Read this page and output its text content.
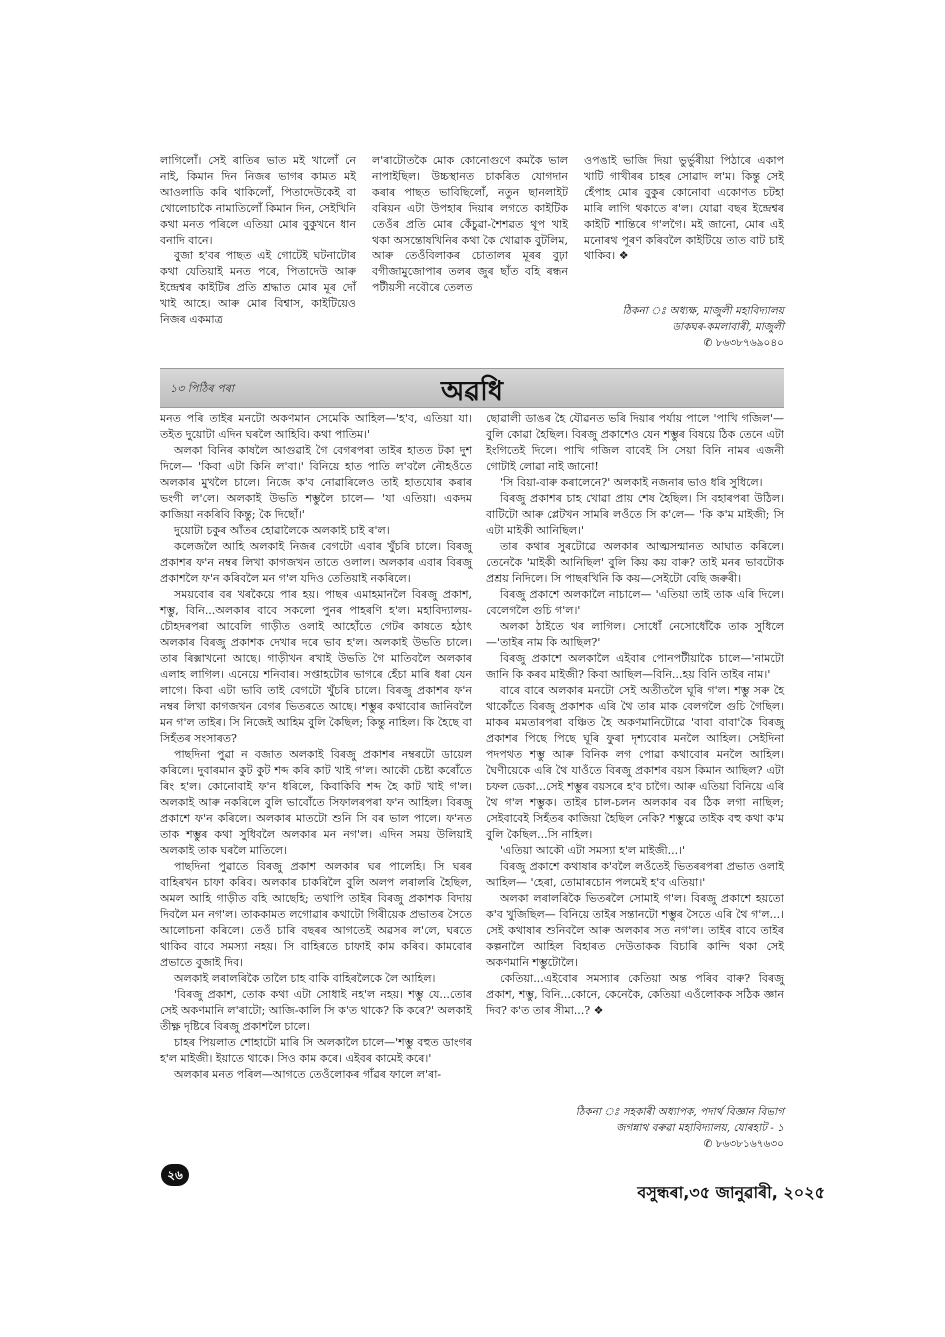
লাগিলোঁ। সেই ৰাতিৰ ভাত মই খালোঁ নে নাই, কিমান দিন নিজৰ ভাগৰ কামত মই আওলাডি কৰি থাকিলোঁ, পিতাদেউকেই বা খোলোচাকৈ নামাতিলোঁ কিমান দিন, সেইখিনি কথা মনত পৰিলে এতিয়া মোৰ বুকুখনে ধান বনাদি বানে।

বুজা হ'বৰ পাছত এই গোটেই ঘটনাটোৰ কথা যেতিয়াই মনত পৰে, পিতাদেউ আৰু ইন্দ্ৰেশ্বৰ কাইটিৰ প্ৰতি শ্ৰদ্ধাত মোৰ মূৰ দোঁ খাই আহে। আৰু মোৰ বিশ্বাস, কাইটিয়েও নিজৰ একমাত্ৰ

ল'ৰাটোতকৈ মোক কোনোগুণে কমকৈ ভাল নাপাইছিল। উচ্চস্থানত চাকৰিত যোগদান কৰাৰ পাছত ভাবিছিলোঁ, নতুন ছানলাইট বৰিয়ন এটা উপহাৰ দিয়াৰ লগতে কাইটিক তেওঁৰ প্ৰতি মোৰ কেঁচুৱা-শৈশৱত থূপ খাই থকা অসন্তোষখিনিৰ কথা কৈ খোৱাক বুটলিম, আৰু তেওঁবিলাকৰ চোতালৰ মূৰৰ বুঢ়া বগীজামুজোপাৰ তলৰ জুৰ ছাঁত বহি ৰন্ধন পটীয়সী নবৌৰে তেলত

ওপঙাই ভাজি দিয়া ভুৰ্ভুৰীয়া পিঠাৰে একাপ খাটি গাখীৰৰ চাহৰ সোৱাদ ল'ম। কিন্তু সেই হেঁপাহ মোৰ বুকুৰ কোনোবা একোণত চটহা মাৰি লাগি থকাতে ৰ'ল। যোৱা বছৰ ইন্দ্ৰেশ্বৰ কাইটি শান্তিৰে গ'লগৈ। মই জানো, মোৰ এই মনোৰথ পূৰণ কৰিবলৈ কাইটিয়ে তাত বাট চাই থাকিব। ❖

ঠিকনা ঃ অধ্যক্ষ, মাজুলী মহাবিদ্যালয়
ডাকঘৰ-কমলাবাৰী, মাজুলী
✆ ৮৬৩৮৭৬৯০৪০
১৩ পিঠিৰ পৰা	অৱধি

মনত পৰি তাইৰ মনটো অকণমান সেমেকি আহিল—'হ'ব, এতিয়া যা। তইত দুয়োটা এদিন ঘৰলৈ আহিবি। কথা পাতিম।'

অলকা বিনিৰ কাষলৈ আগুৱাই গৈ বেগৰপৰা তাইৰ হাতত টকা দুশ দিলে— 'কিবা এটা কিনি ল'বা।' বিনিয়ে হাত পাতি ল'বলৈ নৌহওঁতে অলকাৰ মুখলৈ চালে। নিজে ক'ব নোৱাৰিলেও তাই হাতযোৰ কৰাৰ ভংগী ল'লে। অলকাই উভতি শম্ভুলৈ চালে— 'যা এতিয়া। একদম কাজিয়া নকৰিবি কিন্তু; কৈ দিছোঁ।'

দুয়োটা চকুৰ আঁতৰ হোৱালৈকে অলকাই চাই ৰ'ল।

কলেজলৈ আহি অলকাই নিজৰ বেগটো এবাৰ খুঁচৰি চালে। বিৰজু প্ৰকাশৰ ফ'ন নম্বৰ লিখা কাগজখন তাতে ওলাল। অলকাৰ এবাৰ বিৰজু প্ৰকাশলৈ ফ'ন কৰিবলৈ মন গ'ল যদিও তেতিয়াই নকৰিলে।

সময়বোৰ বৰ খৰকৈয়ে পাৰ হয়। পাছৰ এমাহমানলৈ বিৰজু প্ৰকাশ, শম্ভু, বিনি...অলকাৰ বাবে সকলো পুনৰ পাহৰণি হ'ল। মহাবিদ্যালয়-চৌহদৰপৰা আবেলি গাড়ীত ওলাই আহোঁতে গেটৰ কাষতে হঠাৎ অলকাৰ বিৰজু প্ৰকাশক দেখাৰ দৰে ভাব হ'ল। অলকাই উভতি চালে। তাৰ ৰিক্সাখনো আছে। গাড়ীখন ৰখাই উভতি গৈ মাতিবলৈ অলকাৰ এলাহ লাগিল। এনেয়ে শনিবাৰ। সপ্তাহটোৰ ভাগৰে হেঁচা মাৰি ধৰা যেন লাগে। কিবা এটা ভাবি তাই বেগটো খুঁচৰি চালে। বিৰজু প্ৰকাশৰ ফ'ন নম্বৰ লিখা কাগজখন বেগৰ ভিতৰতে আছে। শম্ভুৰ কথাবোৰ জানিবলৈ মন গ'ল তাইৰ। সি নিজেই আহিম বুলি কৈছিল; কিন্তু নাহিল। কি হৈছে বা সিহঁতৰ সংসাৰত?

পাছদিনা পুৱা ন বজাত অলকাই বিৰজু প্ৰকাশৰ নম্বৰটো ডায়েল কৰিলে। দুবাৰমান কুট কুট শব্দ কৰি কাট খাই গ'ল। আকৌ চেষ্টা কৰোঁতে ৰিং হ'ল। কোনোবাই ফ'ন ধৰিলে, কিবাকিবি শব্দ হৈ কাট খাই গ'ল। অলকাই আৰু নকৰিলে বুলি ভাবোঁতে সিফালৰপৰা ফ'ন আহিল। বিৰজু প্ৰকাশে ফ'ন কৰিলে। অলকাৰ মাতটো শুনি সি বৰ ভাল পালে। ফ'নত তাক শম্ভুৰ কথা সুধিবলৈ অলকাৰ মন নগ'ল। এদিন সময় উলিয়াই অলকাই তাক ঘৰলৈ মাতিলে।

পাছদিনা পুৱাতে বিৰজু প্ৰকাশ অলকাৰ ঘৰ পালেহি। সি ঘৰৰ বাহিৰখন চাফা কৰিব। অলকাৰ চাকৰিলৈ বুলি অলপ লৰালৰি হৈছিল, অমল আহি গাড়ীত বহি আছেহি; তথাপি তাইৰ বিৰজু প্ৰকাশক বিদায় দিবলৈ মন নগ'ল। তাককামত লগোৱাৰ কথাটো গিৰীয়েক প্ৰভাতৰ সৈতে আলোচনা কৰিলে। তেওঁ চাৰি বছৰৰ আগতেই অৱসৰ ল'লে, ঘৰতে থাকিব বাবে সমস্যা নহয়। সি বাহিৰতে চাফাই কাম কৰিব। কামবোৰ প্ৰভাতে বুজাই দিব।

অলকাই লৰালৰিকৈ তালৈ চাহ বাকি বাহিৰলৈকে লৈ আহিল।

'বিৰজু প্ৰকাশ, তোক কথা এটা সোধাই নহ'ল নহয়। শম্ভু যে...তোৰ সেই অকণমানি ল'ৰাটো; আজি-কালি সি ক'ত থাকে? কি কৰে?' অলকাই তীক্ষ্ণ দৃষ্টিৰে বিৰজু প্ৰকাশলৈ চালে।

চাহৰ পিয়লাত শোহাটো মাৰি সি অলকালৈ চালে—'শম্ভু বহুত ডাংগৰ হ'ল মাইজী। ইয়াতে থাকে। সিও কাম কৰে। এইবৰ কামেই কৰে।'

অলকাৰ মনত পৰিল—আগতে তেওঁলোকৰ গাঁৱৰ ফালে ল'ৰা-

ছোৱালী ডাঙৰ হৈ যৌৱনত ভৰি দিয়াৰ পৰ্যায় পালে 'পাখি গজিল'—বুলি কোৱা হৈছিল। বিৰজু প্ৰকাশেও যেন শম্ভুৰ বিষয়ে ঠিক তেনে এটা ইংগিতেই দিলে। পাখি গজিল বাবেই সি সেয়া বিনি নামৰ এজনী গোটাই লোৱা নাই জানো!

'সি বিয়া-বাৰু কৰালেনে?' অলকাই নজনাৰ ভাও ধৰি সুধিলে।

বিৰজু প্ৰকাশৰ চাহ খোৱা প্ৰায় শেষ হৈছিল। সি বহাৰপৰা উঠিল। বাটিটো আৰু প্লেটখন সামৰি লওঁতে সি ক'লে— 'কি ক'ম মাইজী; সি এটা মাইকী আনিছিল।'

তাৰ কথাৰ সুৰটোৱে অলকাৰ আত্মসন্মানত আঘাত কৰিলে। তেনেকৈ 'মাইকী আনিছিল' বুলি কিয় কয় বাৰু? তাই মনৰ ভাবটোক প্ৰশ্ৰয় নিদিলে। সি পাছৰখিনি কি কয়—সেইটো বেছি জৰুৰী।

বিৰজু প্ৰকাশে অলকালৈ নাচালে— 'এতিয়া তাই তাক এৰি দিলে। বেলেগলৈ গুচি গ'ল।'

অলকা ঠাইতে থৰ লাগিল। সোধোঁ নেসোধোঁকৈ তাক সুধিলে—'তাইৰ নাম কি আছিল?'

বিৰজু প্ৰকাশে অলকালৈ এইবাৰ পোনপটীয়াকৈ চালে—'নামটো জানি কি কৰব মাইজী? কিবা আছিল—বিনি...হয় বিনি তাইৰ নাম।'

বাৰে বাৰে অলকাৰ মনটো সেই অতীতলৈ ঘূৰি গ'ল। শম্ভু সৰু হৈ থাকোঁতে বিৰজু প্ৰকাশক এৰি থৈ তাৰ মাক বেলগলৈ গুচি গৈছিল। মাকৰ মমতাৰপৰা বঞ্চিত হৈ অকণমানিটোৱে 'বাবা বাবা'কৈ বিৰজু প্ৰকাশৰ পিছে পিছে ঘূৰি ফুৰা দৃশ্যবোৰ মনলৈ আহিল। সেইদিনা পদপথত শম্ভু আৰু বিনিক লগ পোৱা কথাবোৰ মনলৈ আহিল। ঘৈণীয়েকে এৰি থৈ যাওঁতে বিৰজু প্ৰকাশৰ বয়স কিমান আছিল? এটা চফল ডেকা...সেই শম্ভুৰ বয়সৰে হ'ব চাগৈ। আৰু এতিয়া বিনিয়ে এৰি থৈ গ'ল শম্ভুক। তাইৰ চাল-চলন অলকাৰ বৰ ঠিক লগা নাছিল; সেইবাবেই সিহঁতৰ কাজিয়া হৈছিল নেকি? শম্ভুৱে তাইক বহু কথা ক'ম বুলি কৈছিল...সি নাহিল।

'এতিয়া আকৌ এটা সমস্যা হ'ল মাইজী...।'

বিৰজু প্ৰকাশে কথাষাৰ ক'বলৈ লওঁতেই ভিতৰৰপৰা প্ৰভাত ওলাই আহিল— 'হেৰা, তোমাৰচোন পলমেই হ'ব এতিয়া।'

অলকা লৰালৰিকৈ ভিতৰলৈ সোমাই গ'ল। বিৰজু প্ৰকাশে হয়তো ক'ব খুজিছিল— বিনিয়ে তাইৰ সন্তানটো শম্ভুৰ সৈতে এৰি থৈ গ'ল...। সেই কথাষাৰ শুনিবলৈ আৰু অলকাৰ সত নগ'ল। তাইৰ বাবে তাইৰ কল্পনালৈ আহিল বিহাৰত দেউতাকক বিচাৰি কান্দি থকা সেই অকণমানি শম্ভুটোলৈ।

কেতিয়া...এইবোৰ সমস্যাৰ কেতিয়া অন্ত পৰিব বাৰু? বিৰজু প্ৰকাশ, শম্ভু, বিনি...কোনে, কেনেকৈ, কেতিয়া এওঁলোকক সঠিক জ্ঞান দিব? ক'ত তাৰ সীমা...? ❖

ঠিকনা ঃ সহকাৰী অধ্যাপক, পদাৰ্থ বিজ্ঞান বিভাগ
জগন্নাথ বৰুৱা মহাবিদ্যালয়, যোৰহাট - ১
✆ ৮৬৩৮১৬৭৬৩০
২৬
বসুন্ধৰা,৩৫ জানুৱাৰী, ২০২৫
